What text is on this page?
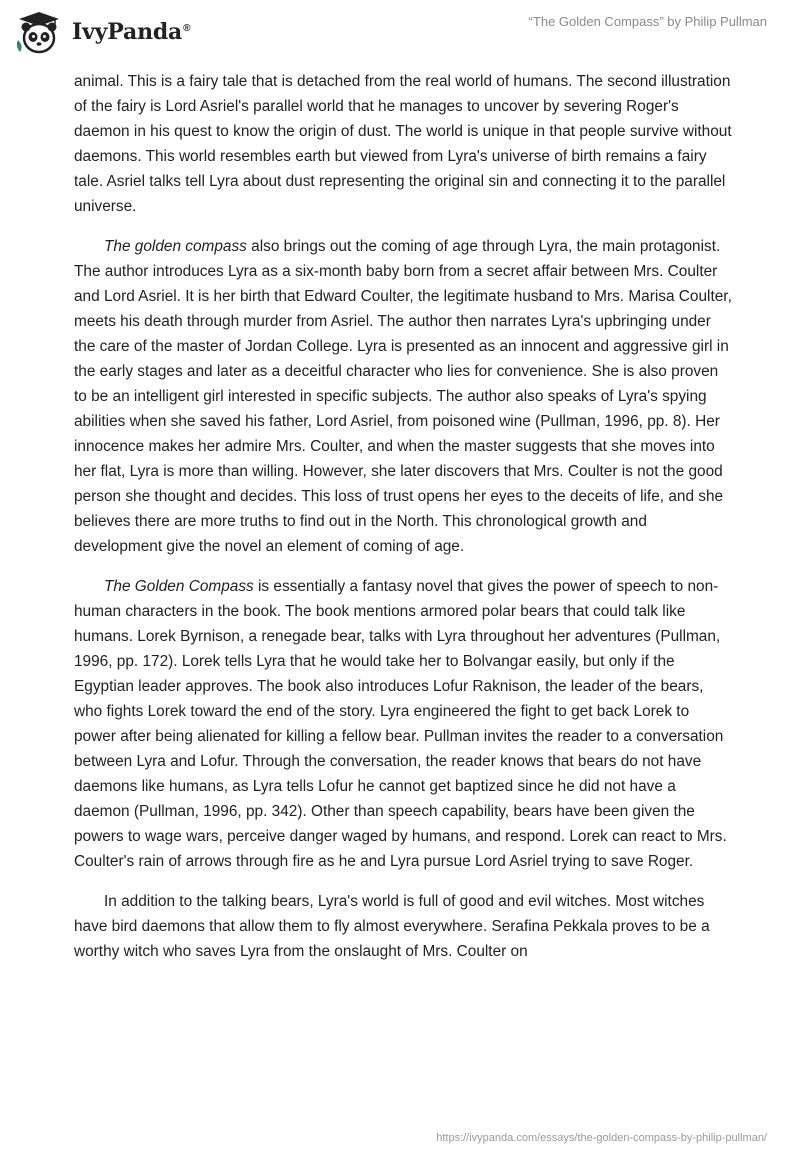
IvyPanda®	“The Golden Compass” by Philip Pullman

animal. This is a fairy tale that is detached from the real world of humans. The second illustration of the fairy is Lord Asriel's parallel world that he manages to uncover by severing Roger's daemon in his quest to know the origin of dust. The world is unique in that people survive without daemons. This world resembles earth but viewed from Lyra's universe of birth remains a fairy tale. Asriel talks tell Lyra about dust representing the original sin and connecting it to the parallel universe.

The golden compass also brings out the coming of age through Lyra, the main protagonist. The author introduces Lyra as a six-month baby born from a secret affair between Mrs. Coulter and Lord Asriel. It is her birth that Edward Coulter, the legitimate husband to Mrs. Marisa Coulter, meets his death through murder from Asriel. The author then narrates Lyra's upbringing under the care of the master of Jordan College. Lyra is presented as an innocent and aggressive girl in the early stages and later as a deceitful character who lies for convenience. She is also proven to be an intelligent girl interested in specific subjects. The author also speaks of Lyra's spying abilities when she saved his father, Lord Asriel, from poisoned wine (Pullman, 1996, pp. 8). Her innocence makes her admire Mrs. Coulter, and when the master suggests that she moves into her flat, Lyra is more than willing. However, she later discovers that Mrs. Coulter is not the good person she thought and decides. This loss of trust opens her eyes to the deceits of life, and she believes there are more truths to find out in the North. This chronological growth and development give the novel an element of coming of age.

The Golden Compass is essentially a fantasy novel that gives the power of speech to non-human characters in the book. The book mentions armored polar bears that could talk like humans. Lorek Byrnison, a renegade bear, talks with Lyra throughout her adventures (Pullman, 1996, pp. 172). Lorek tells Lyra that he would take her to Bolvangar easily, but only if the Egyptian leader approves. The book also introduces Lofur Raknison, the leader of the bears, who fights Lorek toward the end of the story. Lyra engineered the fight to get back Lorek to power after being alienated for killing a fellow bear. Pullman invites the reader to a conversation between Lyra and Lofur. Through the conversation, the reader knows that bears do not have daemons like humans, as Lyra tells Lofur he cannot get baptized since he did not have a daemon (Pullman, 1996, pp. 342). Other than speech capability, bears have been given the powers to wage wars, perceive danger waged by humans, and respond. Lorek can react to Mrs. Coulter's rain of arrows through fire as he and Lyra pursue Lord Asriel trying to save Roger.

In addition to the talking bears, Lyra's world is full of good and evil witches. Most witches have bird daemons that allow them to fly almost everywhere. Serafina Pekkala proves to be a worthy witch who saves Lyra from the onslaught of Mrs. Coulter on

https://ivypanda.com/essays/the-golden-compass-by-philip-pullman/
